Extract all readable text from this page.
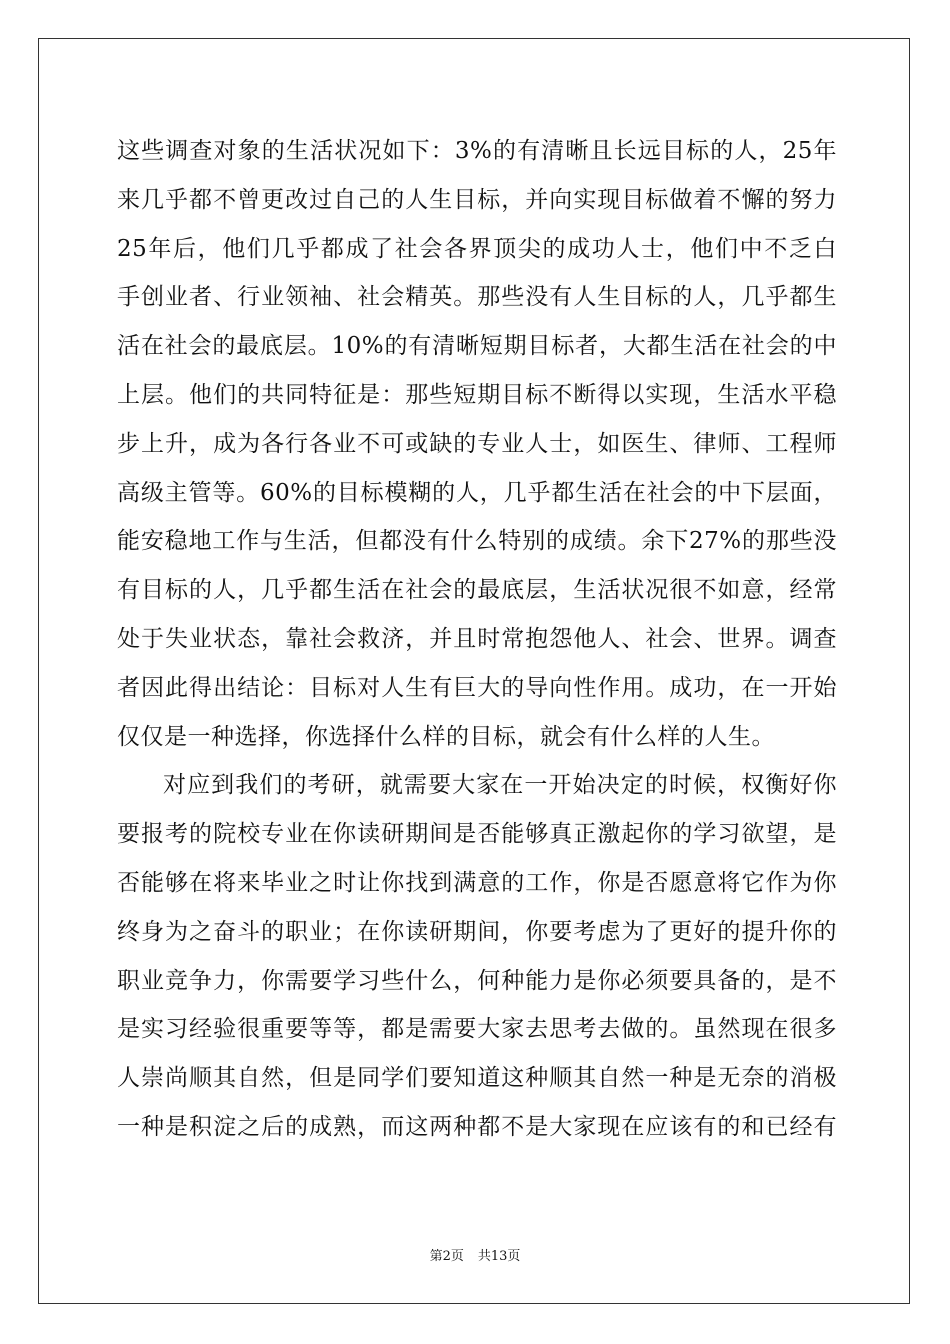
这些调查对象的生活状况如下：3%的有清晰且长远目标的人，25年
来几乎都不曾更改过自己的人生目标，并向实现目标做着不懈的努力
25年后，他们几乎都成了社会各界顶尖的成功人士，他们中不乏白
手创业者、行业领袖、社会精英。那些没有人生目标的人，几乎都生
活在社会的最底层。10%的有清晰短期目标者，大都生活在社会的中
上层。他们的共同特征是：那些短期目标不断得以实现，生活水平稳
步上升，成为各行各业不可或缺的专业人士，如医生、律师、工程师
高级主管等。60%的目标模糊的人，几乎都生活在社会的中下层面，
能安稳地工作与生活，但都没有什么特别的成绩。余下27%的那些没
有目标的人，几乎都生活在社会的最底层，生活状况很不如意，经常
处于失业状态，靠社会救济，并且时常抱怨他人、社会、世界。调查
者因此得出结论：目标对人生有巨大的导向性作用。成功，在一开始
仅仅是一种选择，你选择什么样的目标，就会有什么样的人生。
对应到我们的考研，就需要大家在一开始决定的时候，权衡好你
要报考的院校专业在你读研期间是否能够真正激起你的学习欲望，是
否能够在将来毕业之时让你找到满意的工作，你是否愿意将它作为你
终身为之奋斗的职业；在你读研期间，你要考虑为了更好的提升你的
职业竞争力，你需要学习些什么，何种能力是你必须要具备的，是不
是实习经验很重要等等，都是需要大家去思考去做的。虽然现在很多
人崇尚顺其自然，但是同学们要知道这种顺其自然一种是无奈的消极
一种是积淀之后的成熟，而这两种都不是大家现在应该有的和已经有
第2页 共13页
